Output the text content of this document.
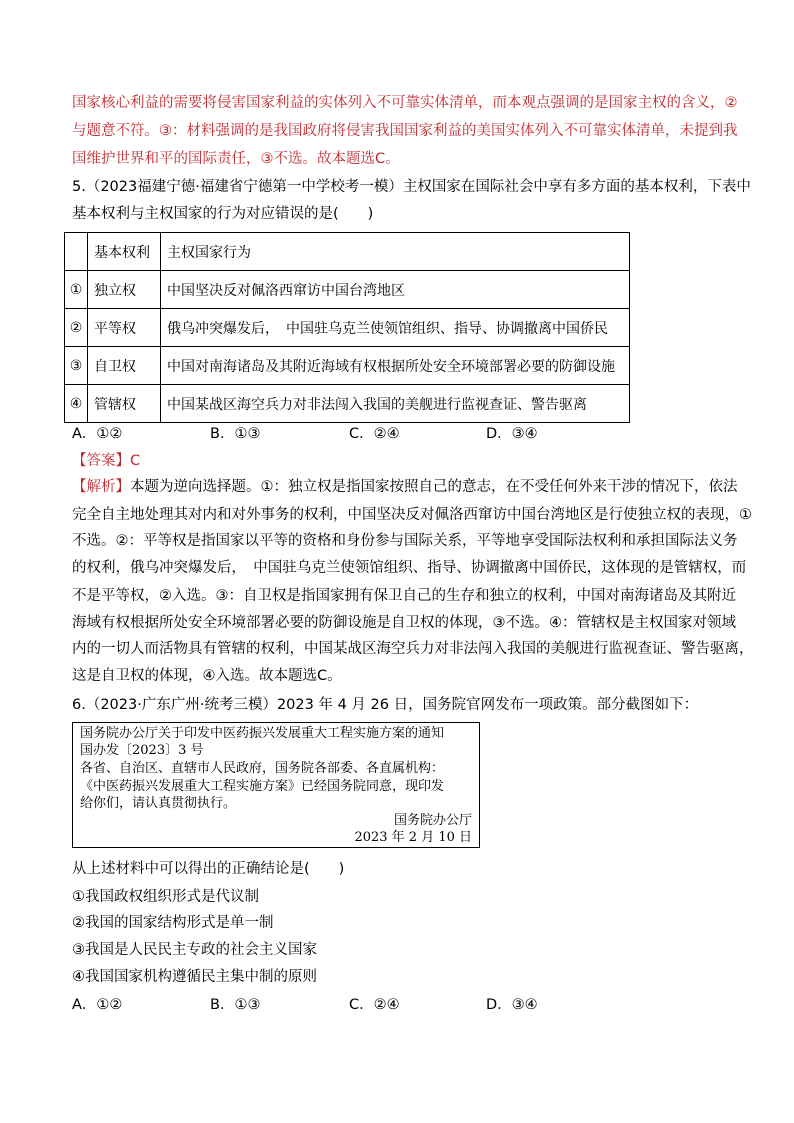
国家核心利益的需要将侵害国家利益的实体列入不可靠实体清单，而本观点强调的是国家主权的含义，②
与题意不符。③：材料强调的是我国政府将侵害我国国家利益的美国实体列入不可靠实体清单，未提到我
国维护世界和平的国际责任，③不选。故本题选C。
5.（2023福建宁德·福建省宁德第一中学校考一模）主权国家在国际社会中享有多方面的基本权利，下表中
基本权利与主权国家的行为对应错误的是(　　)
	基本权利	主权国家行为
①	独立权	中国坚决反对佩洛西窜访中国台湾地区
②	平等权	俄乌冲突爆发后，　中国驻乌克兰使领馆组织、指导、协调撤离中国侨民
③	自卫权	中国对南海诸岛及其附近海域有权根据所处安全环境部署必要的防御设施
④	管辖权	中国某战区海空兵力对非法闯入我国的美舰进行监视查证、警告驱离
A．①②	B．①③	C．②④	D．③④
【答案】C
【解析】本题为逆向选择题。①：独立权是指国家按照自己的意志，在不受任何外来干涉的情况下，依法
完全自主地处理其对内和对外事务的权利，中国坚决反对佩洛西窜访中国台湾地区是行使独立权的表现，①
不选。②：平等权是指国家以平等的资格和身份参与国际关系，平等地享受国际法权利和承担国际法义务
的权利，俄乌冲突爆发后，　中国驻乌克兰使领馆组织、指导、协调撤离中国侨民，这体现的是管辖权，而
不是平等权，②入选。③：自卫权是指国家拥有保卫自己的生存和独立的权利，中国对南海诸岛及其附近
海域有权根据所处安全环境部署必要的防御设施是自卫权的体现，③不选。④：管辖权是主权国家对领域
内的一切人而活物具有管辖的权利，中国某战区海空兵力对非法闯入我国的美舰进行监视查证、警告驱离，
这是自卫权的体现，④入选。故本题选C。
6.（2023·广东广州·统考三模）2023 年 4 月 26 日，国务院官网发布一项政策。部分截图如下：
国务院办公厅关于印发中医药振兴发展重大工程实施方案的通知
国办发〔2023〕3 号
各省、自治区、直辖市人民政府，国务院各部委、各直属机构：
《中医药振兴发展重大工程实施方案》已经国务院同意，现印发
给你们，请认真贯彻执行。
国务院办公厅
2023 年 2 月 10 日
从上述材料中可以得出的正确结论是(　　)
①我国政权组织形式是代议制
②我国的国家结构形式是单一制
③我国是人民民主专政的社会主义国家
④我国国家机构遵循民主集中制的原则
A．①②	B．①③	C．②④	D．③④
